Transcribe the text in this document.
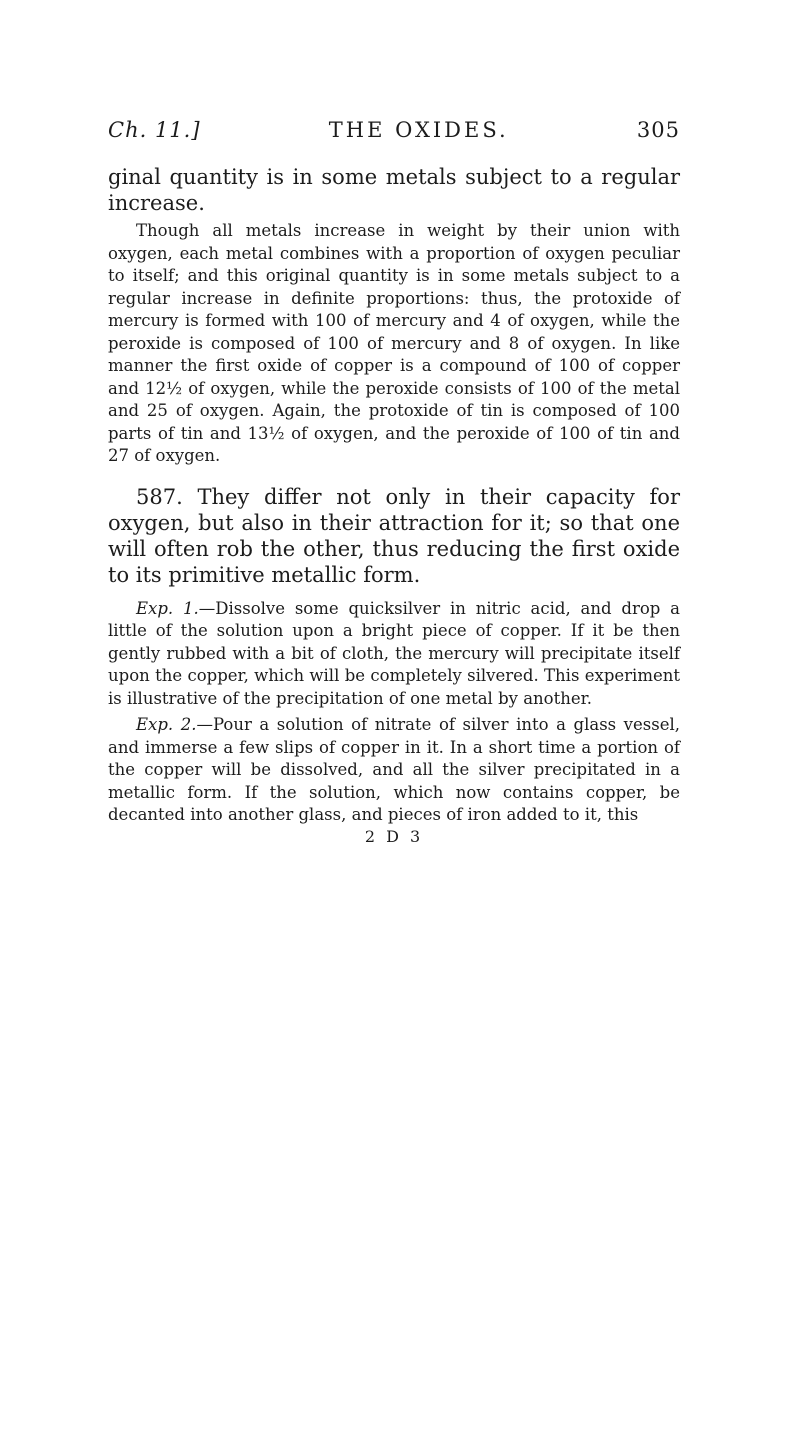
Ch. 11.]	THE OXIDES.	305

ginal quantity is in some metals subject to a regular increase.

Though all metals increase in weight by their union with oxygen, each metal combines with a proportion of oxygen peculiar to itself; and this original quantity is in some metals subject to a regular increase in definite proportions: thus, the protoxide of mercury is formed with 100 of mercury and 4 of oxygen, while the peroxide is composed of 100 of mercury and 8 of oxygen. In like manner the first oxide of copper is a compound of 100 of copper and 12½ of oxygen, while the peroxide consists of 100 of the metal and 25 of oxygen. Again, the protoxide of tin is composed of 100 parts of tin and 13½ of oxygen, and the peroxide of 100 of tin and 27 of oxygen.

587. They differ not only in their capacity for oxygen, but also in their attraction for it; so that one will often rob the other, thus reducing the first oxide to its primitive metallic form.

Exp. 1.—Dissolve some quicksilver in nitric acid, and drop a little of the solution upon a bright piece of copper. If it be then gently rubbed with a bit of cloth, the mercury will precipitate itself upon the copper, which will be completely silvered. This experiment is illustrative of the precipitation of one metal by another.

Exp. 2.—Pour a solution of nitrate of silver into a glass vessel, and immerse a few slips of copper in it. In a short time a portion of the copper will be dissolved, and all the silver precipitated in a metallic form. If the solution, which now contains copper, be decanted into another glass, and pieces of iron added to it, this

2 D 3
